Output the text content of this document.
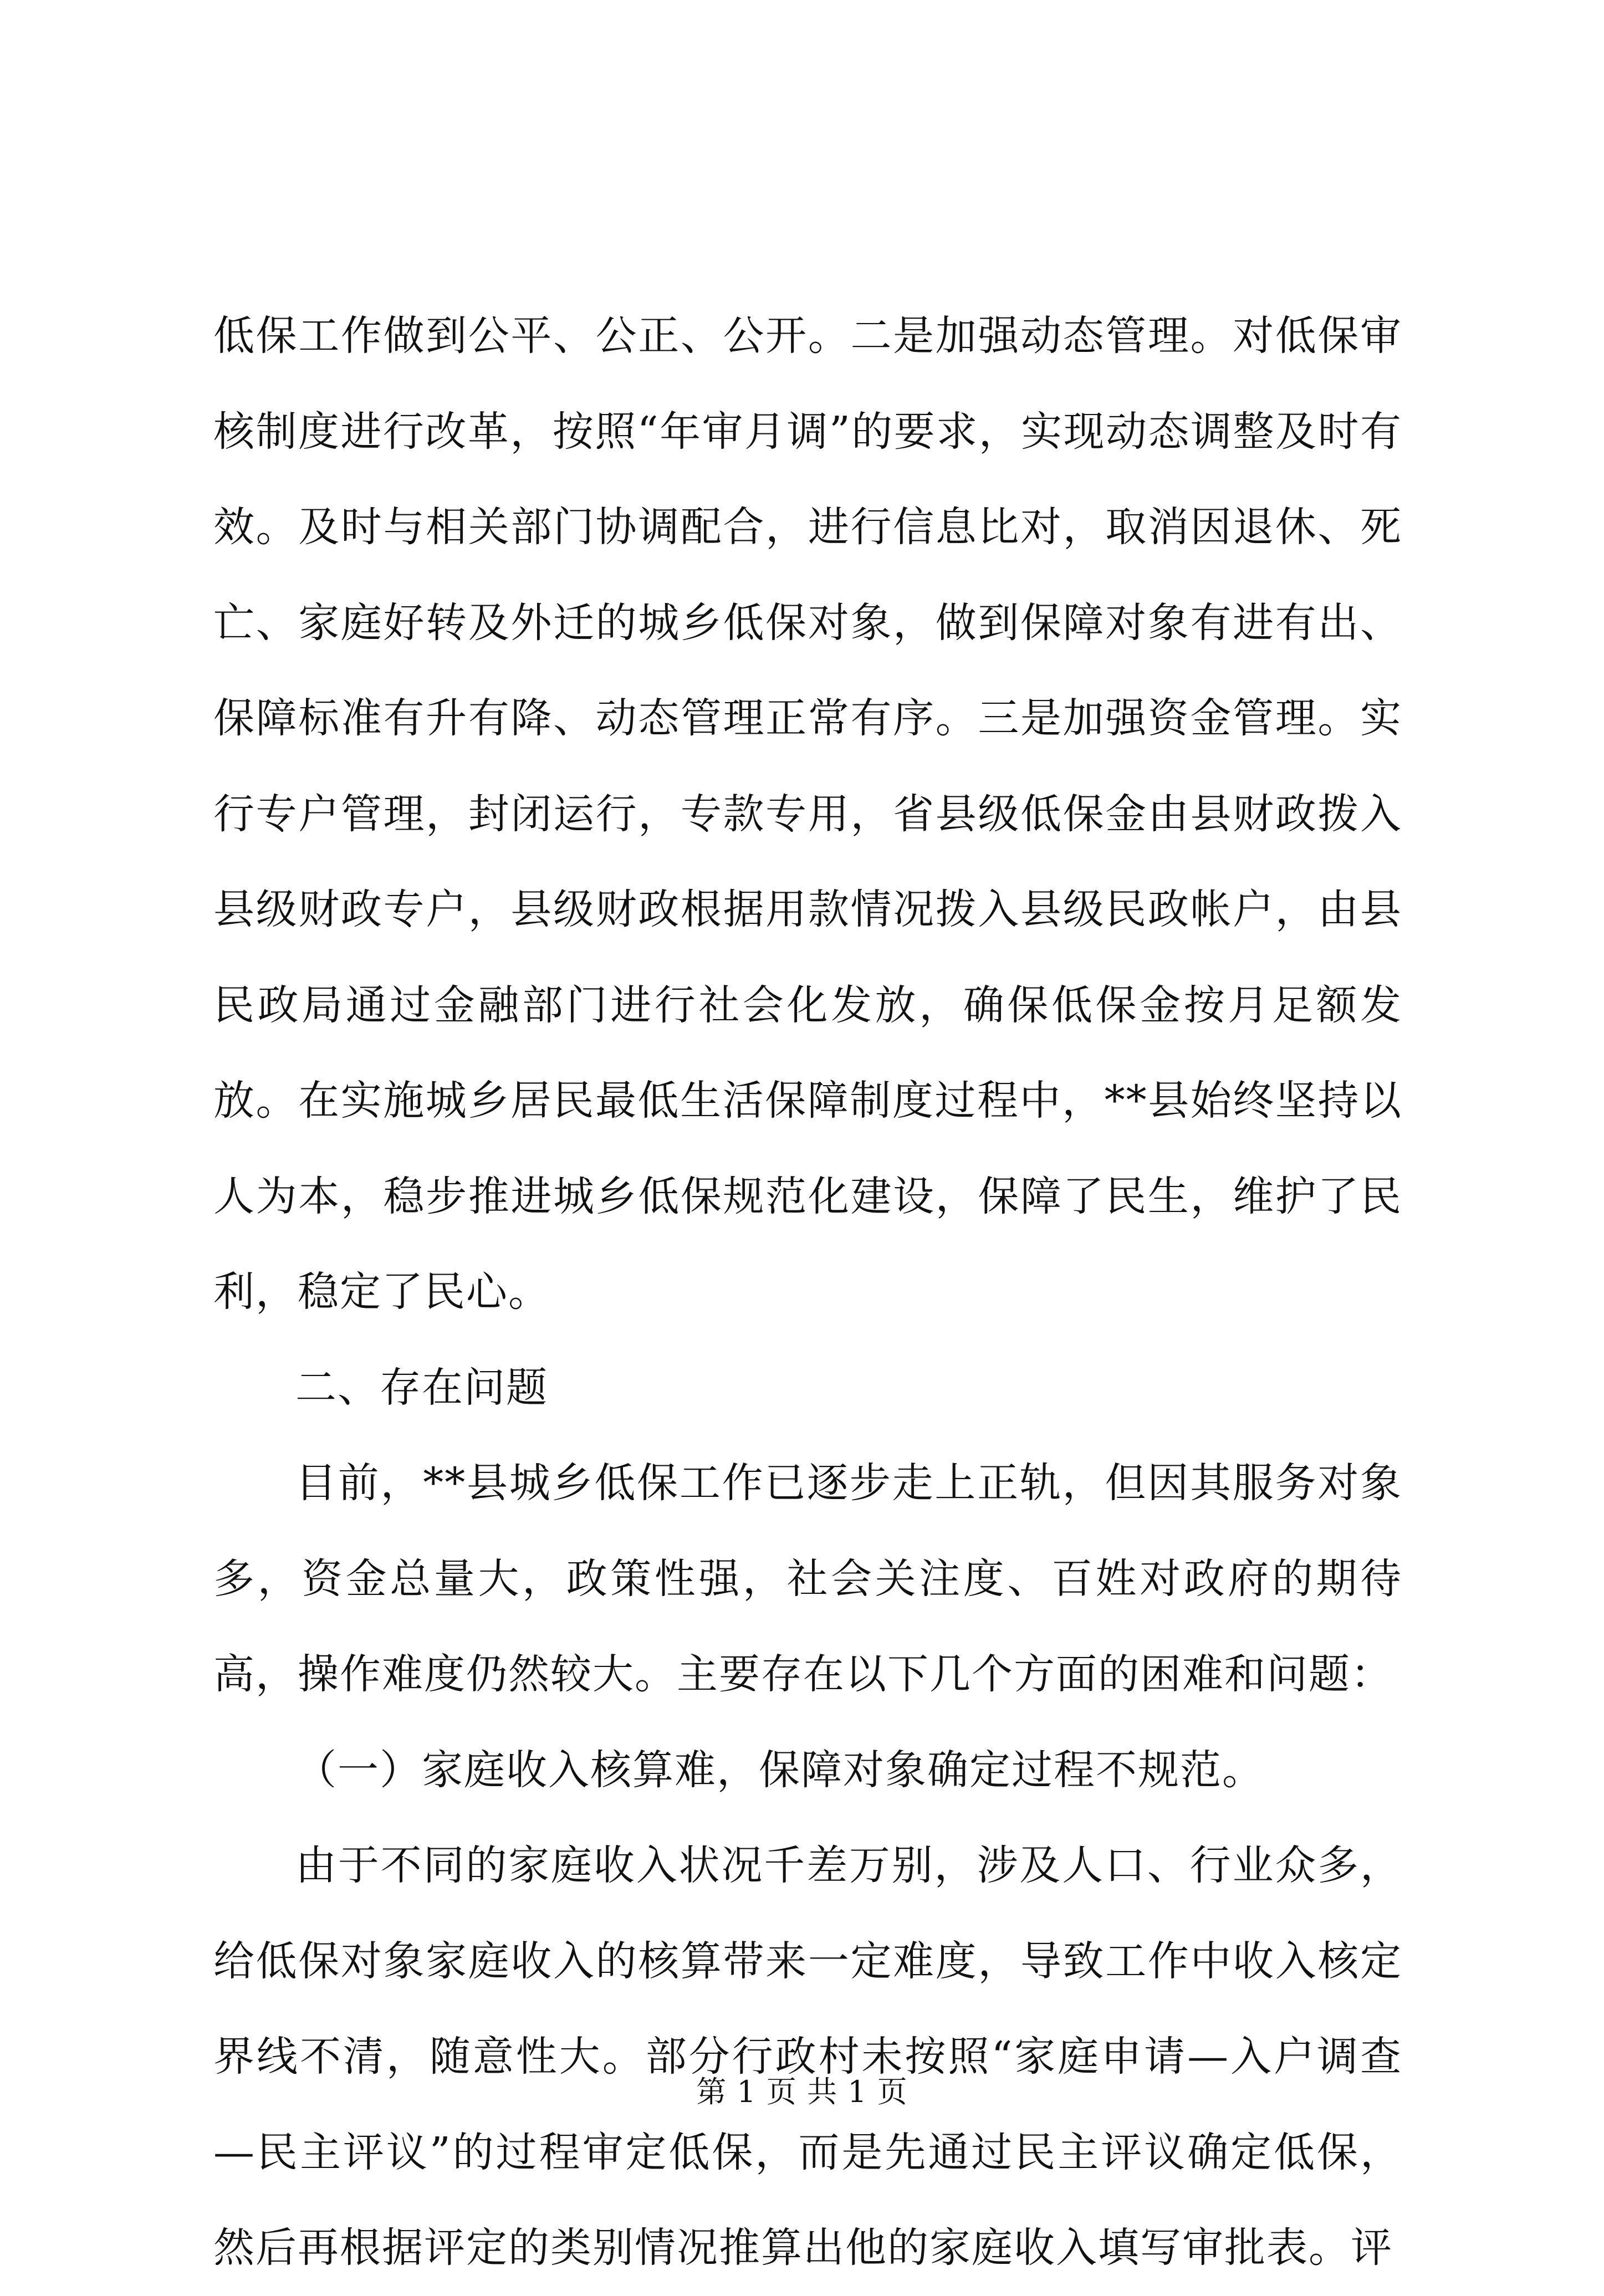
低保工作做到公平、公正、公开。二是加强动态管理。对低保审核制度进行改革，按照“年审月调”的要求，实现动态调整及时有效。及时与相关部门协调配合，进行信息比对，取消因退休、死亡、家庭好转及外迁的城乡低保对象，做到保障对象有进有出、保障标准有升有降、动态管理正常有序。三是加强资金管理。实行专户管理，封闭运行，专款专用，省县级低保金由县财政拨入县级财政专户，县级财政根据用款情况拨入县级民政帐户，由县民政局通过金融部门进行社会化发放，确保低保金按月足额发放。在实施城乡居民最低生活保障制度过程中，**县始终坚持以人为本，稳步推进城乡低保规范化建设，保障了民生，维护了民利，稳定了民心。

二、存在问题

目前，**县城乡低保工作已逐步走上正轨，但因其服务对象多，资金总量大，政策性强，社会关注度、百姓对政府的期待高，操作难度仍然较大。主要存在以下几个方面的困难和问题：

（一）家庭收入核算难，保障对象确定过程不规范。

由于不同的家庭收入状况千差万别，涉及人口、行业众多，给低保对象家庭收入的核算带来一定难度，导致工作中收入核定界线不清，随意性大。部分行政村未按照“家庭申请—入户调查—民主评议”的过程审定低保，而是先通过民主评议确定低保，然后再根据评定的类别情况推算出他的家庭收入填写审批表。评

第 1 页 共 1 页
